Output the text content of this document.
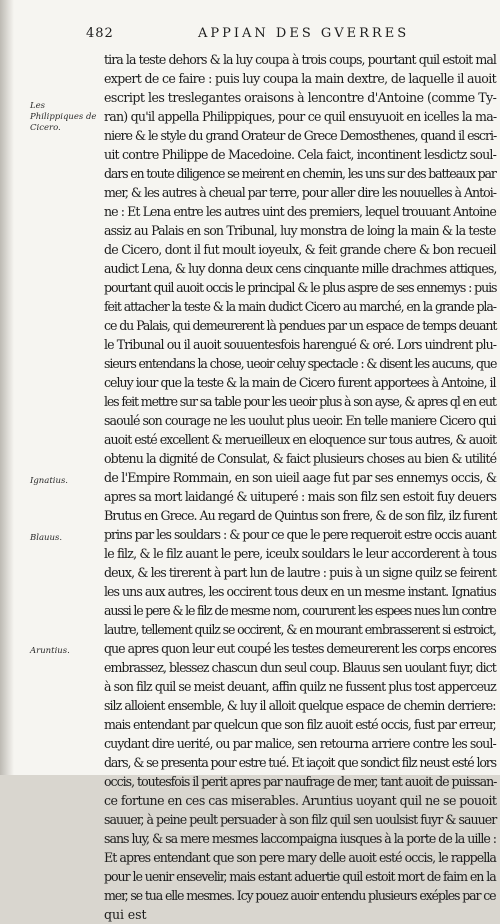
482	APPIAN DES GVERRES
Les Philippiques de Cicero.
Ignatius.
Blauus.
Aruntius.
tira la teste dehors & la luy coupa à trois coups, pourtant quil estoit mal
expert de ce faire : puis luy coupa la main dextre, de laquelle il auoit
escript les treslegantes oraisons à lencontre d'Antoine (comme Ty-
ran) qu'il appella Philippiques, pour ce quil ensuyuoit en icelles la ma-
niere & le style du grand Orateur de Grece Demosthenes, quand il escri-
uit contre Philippe de Macedoine. Cela faict, incontinent lesdictz soul-
dars en toute diligence se meirent en chemin, les uns sur des batteaux par
mer, & les autres à cheual par terre, pour aller dire les nouuelles à Antoi-
ne : Et Lena entre les autres uint des premiers, lequel trouuant Antoine
assiz au Palais en son Tribunal, luy monstra de loing la main & la teste
de Cicero, dont il fut moult ioyeulx, & feit grande chere & bon recueil
audict Lena, & luy donna deux cens cinquante mille drachmes attiques,
pourtant quil auoit occis le principal & le plus aspre de ses ennemys : puis
feit attacher la teste & la main dudict Cicero au marché, en la grande pla-
ce du Palais, qui demeurerent là pendues par un espace de temps deuant
le Tribunal ou il auoit souuentesfois harengué & oré. Lors uindrent plu-
sieurs entendans la chose, ueoir celuy spectacle : & disent les aucuns, que
celuy iour que la teste & la main de Cicero furent apportees à Antoine, il
les feit mettre sur sa table pour les ueoir plus à son ayse, & apres ql en eut
saoulé son courage ne les uoulut plus ueoir. En telle maniere Cicero qui
auoit esté excellent & merueilleux en eloquence sur tous autres, & auoit
obtenu la dignité de Consulat, & faict plusieurs choses au bien & utilité
de l'Empire Rommain, en son uieil aage fut par ses ennemys occis, &
apres sa mort laidangé & uituperé : mais son filz sen estoit fuy deuers
Brutus en Grece. Au regard de Quintus son frere, & de son filz, ilz furent
prins par les souldars : & pour ce que le pere requeroit estre occis auant
le filz, & le filz auant le pere, iceulx souldars le leur accorderent à tous
deux, & les tirerent à part lun de lautre : puis à un signe quilz se feirent
les uns aux autres, les occirent tous deux en un mesme instant. Ignatius
aussi le pere & le filz de mesme nom, coururent les espees nues lun contre
lautre, tellement quilz se occirent, & en mourant embrasserent si estroict,
que apres quon leur eut coupé les testes demeurerent les corps encores
embrassez, blessez chascun dun seul coup. Blauus sen uoulant fuyr, dict
à son filz quil se meist deuant, affin quilz ne fussent plus tost apperceuz
silz alloient ensemble, & luy il alloit quelque espace de chemin derriere:
mais entendant par quelcun que son filz auoit esté occis, fust par erreur,
cuydant dire uerité, ou par malice, sen retourna arriere contre les soul-
dars, & se presenta pour estre tué. Et iaçoit que sondict filz neust esté lors
occis, toutesfois il perit apres par naufrage de mer, tant auoit de puissan-
ce fortune en ces cas miserables. Aruntius uoyant quil ne se pouoit
sauuer, à peine peult persuader à son filz quil sen uoulsist fuyr & sauuer
sans luy, & sa mere mesmes laccompaigna iusques à la porte de la uille :
Et apres entendant que son pere mary delle auoit esté occis, le rappella
pour le uenir ensevelir, mais estant aduertie quil estoit mort de faim en la
mer, se tua elle mesmes. Icy pouez auoir entendu plusieurs exéples par ce
qui est
